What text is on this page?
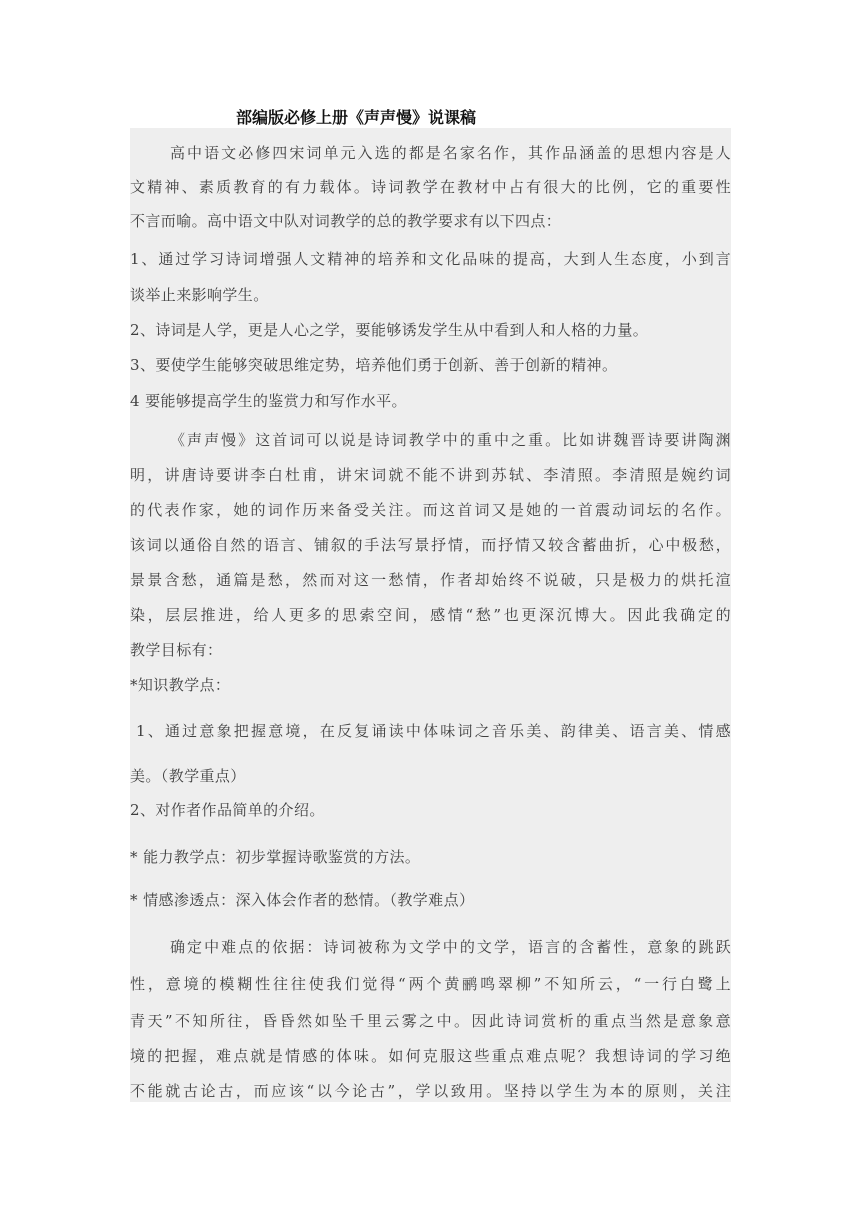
部编版必修上册《声声慢》说课稿
高中语文必修四宋词单元入选的都是名家名作，其作品涵盖的思想内容是人
文精神、素质教育的有力载体。诗词教学在教材中占有很大的比例，它的重要性
不言而喻。高中语文中队对词教学的总的教学要求有以下四点：
1、通过学习诗词增强人文精神的培养和文化品味的提高，大到人生态度，小到言
谈举止来影响学生。
2、诗词是人学，更是人心之学，要能够诱发学生从中看到人和人格的力量。
3、要使学生能够突破思维定势，培养他们勇于创新、善于创新的精神。
4 要能够提高学生的鉴赏力和写作水平。
《声声慢》这首词可以说是诗词教学中的重中之重。比如讲魏晋诗要讲陶渊
明，讲唐诗要讲李白杜甫，讲宋词就不能不讲到苏轼、李清照。李清照是婉约词
的代表作家，她的词作历来备受关注。而这首词又是她的一首震动词坛的名作。
该词以通俗自然的语言、铺叙的手法写景抒情，而抒情又较含蓄曲折，心中极愁，
景景含愁，通篇是愁，然而对这一愁情，作者却始终不说破，只是极力的烘托渲
染，层层推进，给人更多的思索空间，感情“愁”也更深沉博大。因此我确定的
教学目标有：
*知识教学点：
1、通过意象把握意境，在反复诵读中体味词之音乐美、韵律美、语言美、情感
美。（教学重点）
2、对作者作品简单的介绍。
* 能力教学点：初步掌握诗歌鉴赏的方法。
* 情感渗透点：深入体会作者的愁情。（教学难点）
确定中难点的依据：诗词被称为文学中的文学，语言的含蓄性，意象的跳跃
性，意境的模糊性往往使我们觉得“两个黄鹂鸣翠柳”不知所云，“一行白鹭上
青天”不知所往，昏昏然如坠千里云雾之中。因此诗词赏析的重点当然是意象意
境的把握，难点就是情感的体味。如何克服这些重点难点呢？我想诗词的学习绝
不能就古论古，而应该“以今论古”，学以致用。坚持以学生为本的原则，关注
